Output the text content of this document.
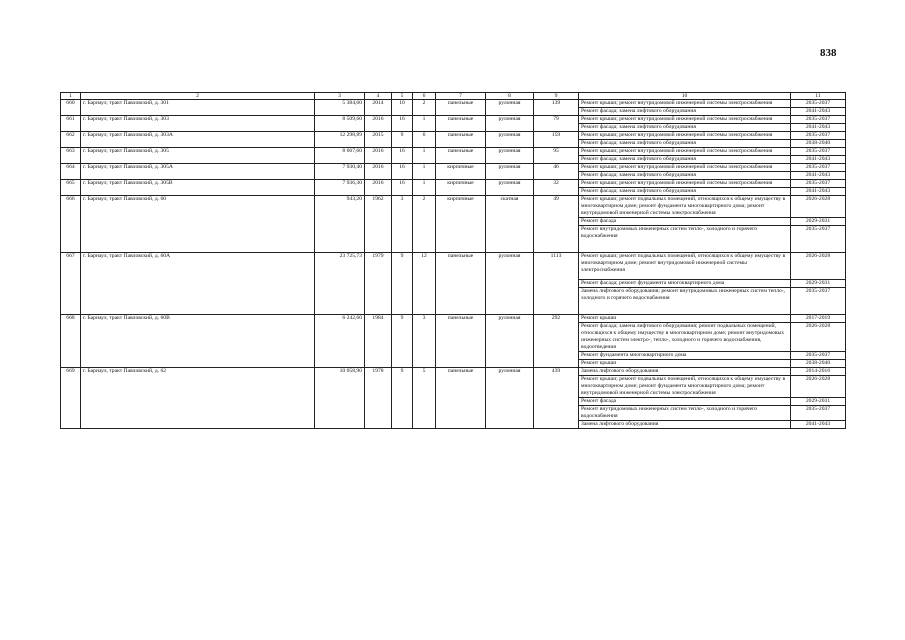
838
1	2	3	4	5	6	7	8	9	10	11
660	г. Барнаул, тракт Павловский, д. 301	5 384,60	2014	10	2	панельные	рулонная	139	Ремонт крыши; ремонт внутридомовой инженерной системы электроснабжения	2035-2037
									Ремонт фасада; замена лифтового оборудования	2041-2043
661	г. Барнаул, тракт Павловский, д. 303	8 509,60	2016	16	1	панельные	рулонная	79	Ремонт крыши; ремонт внутридомовой инженерной системы электроснабжения	2035-2037
									Ремонт фасада; замена лифтового оборудования	2041-2043
662	г. Барнаул, тракт Павловский, д. 303А	12 298,89	2015	9	6	панельные	рулонная	159	Ремонт крыши; ремонт внутридомовой инженерной системы электроснабжения	2035-2037
									Ремонт фасада; замена лифтового оборудования	2038-2040
663	г. Барнаул, тракт Павловский, д. 305	8 667,60	2016	16	1	панельные	рулонная	95	Ремонт крыши; ремонт внутридомовой инженерной системы электроснабжения	2035-2037
									Ремонт фасада; замена лифтового оборудования	2041-2043
664	г. Барнаул, тракт Павловский, д. 305А	7 930,40	2016	16	1	кирпичные	рулонная	46	Ремонт крыши; ремонт внутридомовой инженерной системы электроснабжения	2035-2037
									Ремонт фасада; замена лифтового оборудования	2041-2043
665	г. Барнаул, тракт Павловский, д. 305В	7 936,30	2016	16	1	кирпичные	рулонная	32	Ремонт крыши; ремонт внутридомовой инженерной системы электроснабжения	2035-2037
									Ремонт фасада; замена лифтового оборудования	2041-2043
666	г. Барнаул, тракт Павловский, д. 60	943,20	1962	3	2	кирпичные	скатная	49	Ремонт крыши; ремонт подвальных помещений, относящихся к общему имуществу в многоквартирном доме; ремонт фундамента многоквартирного дома; ремонт внутридомовой инженерной системы электроснабжения	2026-2028
									Ремонт фасада	2029-2031
									Ремонт внутридомовых инженерных систем тепло-, холодного и горячего водоснабжения	2035-2037
667	г. Барнаул, тракт Павловский, д. 60А	23 725,73	1979	9	12	панельные	рулонная	1113	Ремонт крыши; ремонт подвальных помещений, относящихся к общему имуществу в многоквартирном доме; ремонт внутридомовой инженерной системы электроснабжения	2026-2028
									Ремонт фасада; ремонт фундамента многоквартирного дома	2029-2031
									Замена лифтового оборудования; ремонт внутридомовых инженерных систем тепло-, холодного и горячего водоснабжения	2035-2037
668	г. Барнаул, тракт Павловский, д. 60В	6 242,60	1984	9	3	панельные	рулонная	292	Ремонт крыши	2017-2019
									Ремонт фасада; замена лифтового оборудования; ремонт подвальных помещений, относящихся к общему имуществу в многоквартирном доме; ремонт внутридомовых инженерных систем электро-, тепло-, холодного и горячего водоснабжения, водоотведения	2026-2028
									Ремонт фундамента многоквартирного дома	2035-2037
									Ремонт крыши	2038-2040
669	г. Барнаул, тракт Павловский, д. 62	10 058,90	1978	9	5	панельные	рулонная	439	Замена лифтового оборудования	2014-2016
									Ремонт крыши; ремонт подвальных помещений, относящихся к общему имуществу в многоквартирном доме; ремонт фундамента многоквартирного дома; ремонт внутридомовой инженерной системы электроснабжения	2026-2028
									Ремонт фасада	2029-2031
									Ремонт внутридомовых инженерных систем тепло-, холодного и горячего водоснабжения	2035-2037
									Замена лифтового оборудования	2041-2043
